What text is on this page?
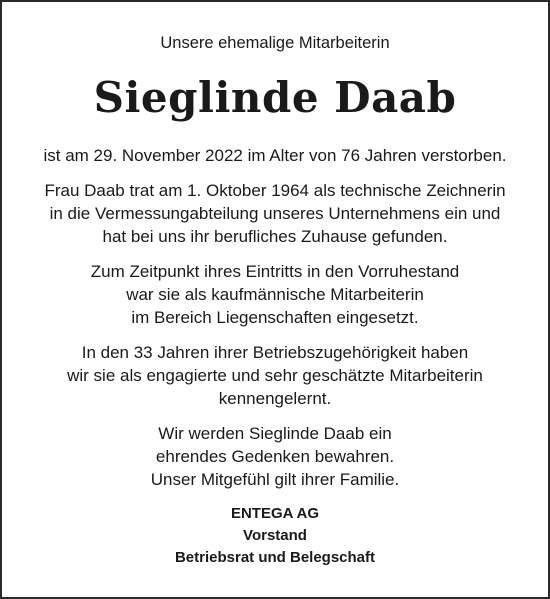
Unsere ehemalige Mitarbeiterin
Sieglinde Daab
ist am 29. November 2022 im Alter von 76 Jahren verstorben.
Frau Daab trat am 1. Oktober 1964 als technische Zeichnerin
in die Vermessungabteilung unseres Unternehmens ein und
hat bei uns ihr berufliches Zuhause gefunden.
Zum Zeitpunkt ihres Eintritts in den Vorruhestand
war sie als kaufmännische Mitarbeiterin
im Bereich Liegenschaften eingesetzt.
In den 33 Jahren ihrer Betriebszugehörigkeit haben
wir sie als engagierte und sehr geschätzte Mitarbeiterin
kennengelernt.
Wir werden Sieglinde Daab ein
ehrendes Gedenken bewahren.
Unser Mitgefühl gilt ihrer Familie.
ENTEGA AG
Vorstand
Betriebsrat und Belegschaft
